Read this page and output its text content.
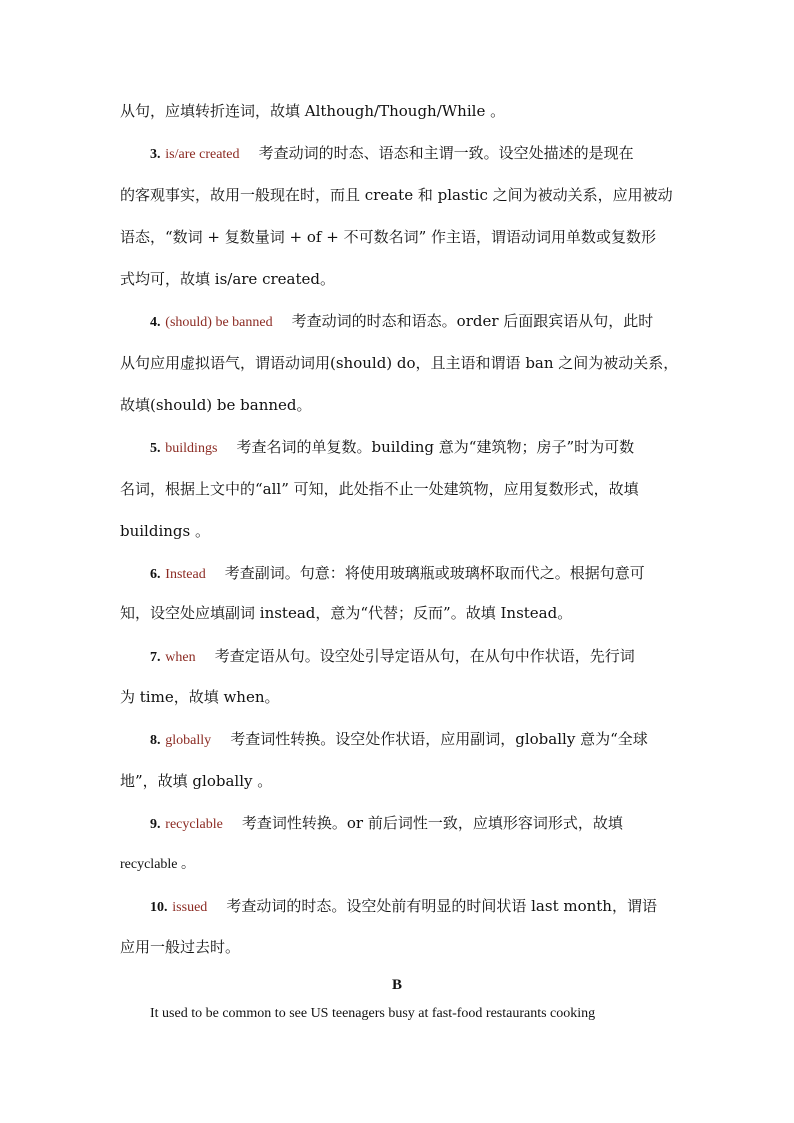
从句，应填转折连词，故填 Although/Though/While 。
3. is/are created 考查动词的时态、语态和主谓一致。设空处描述的是现在
的客观事实，故用一般现在时，而且 create 和 plastic 之间为被动关系，应用被动
语态，“数词 + 复数量词 + of + 不可数名词” 作主语，谓语动词用单数或复数形
式均可，故填 is/are created。
4. (should) be banned 考查动词的时态和语态。order 后面跟宾语从句，此时
从句应用虚拟语气，谓语动词用(should) do，且主语和谓语 ban 之间为被动关系，
故填(should) be banned。
5. buildings 考查名词的单复数。building 意为“建筑物；房子”时为可数
名词，根据上文中的“all” 可知，此处指不止一处建筑物，应用复数形式，故填
buildings 。
6. Instead 考查副词。句意：将使用玻璃瓶或玻璃杯取而代之。根据句意可
知，设空处应填副词 instead，意为“代替；反而”。故填 Instead。
7. when 考查定语从句。设空处引导定语从句，在从句中作状语，先行词
为 time，故填 when。
8. globally 考查词性转换。设空处作状语，应用副词，globally 意为“全球
地”，故填 globally 。
9. recyclable 考查词性转换。or 前后词性一致，应填形容词形式，故填
recyclable 。
10. issued 考查动词的时态。设空处前有明显的时间状语 last month，谓语
应用一般过去时。
B
It used to be common to see US teenagers busy at fast-food restaurants cooking
